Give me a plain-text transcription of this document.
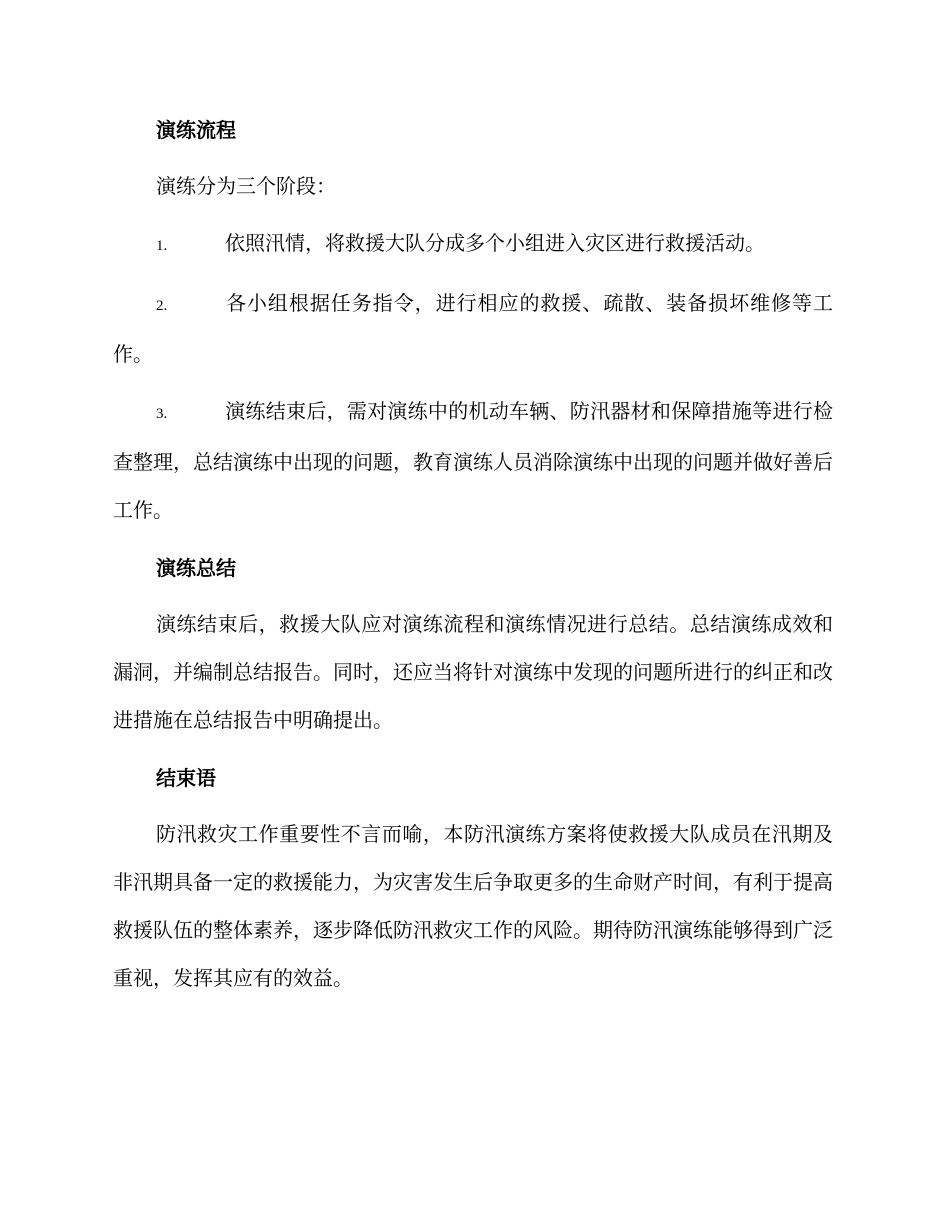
演练流程

演练分为三个阶段：

1.	依照汛情，将救援大队分成多个小组进入灾区进行救援活动。

2.	各小组根据任务指令，进行相应的救援、疏散、装备损坏维修等工作。

3.	演练结束后，需对演练中的机动车辆、防汛器材和保障措施等进行检查整理，总结演练中出现的问题，教育演练人员消除演练中出现的问题并做好善后工作。

演练总结

演练结束后，救援大队应对演练流程和演练情况进行总结。总结演练成效和漏洞，并编制总结报告。同时，还应当将针对演练中发现的问题所进行的纠正和改进措施在总结报告中明确提出。

结束语

防汛救灾工作重要性不言而喻，本防汛演练方案将使救援大队成员在汛期及非汛期具备一定的救援能力，为灾害发生后争取更多的生命财产时间，有利于提高救援队伍的整体素养，逐步降低防汛救灾工作的风险。期待防汛演练能够得到广泛重视，发挥其应有的效益。
